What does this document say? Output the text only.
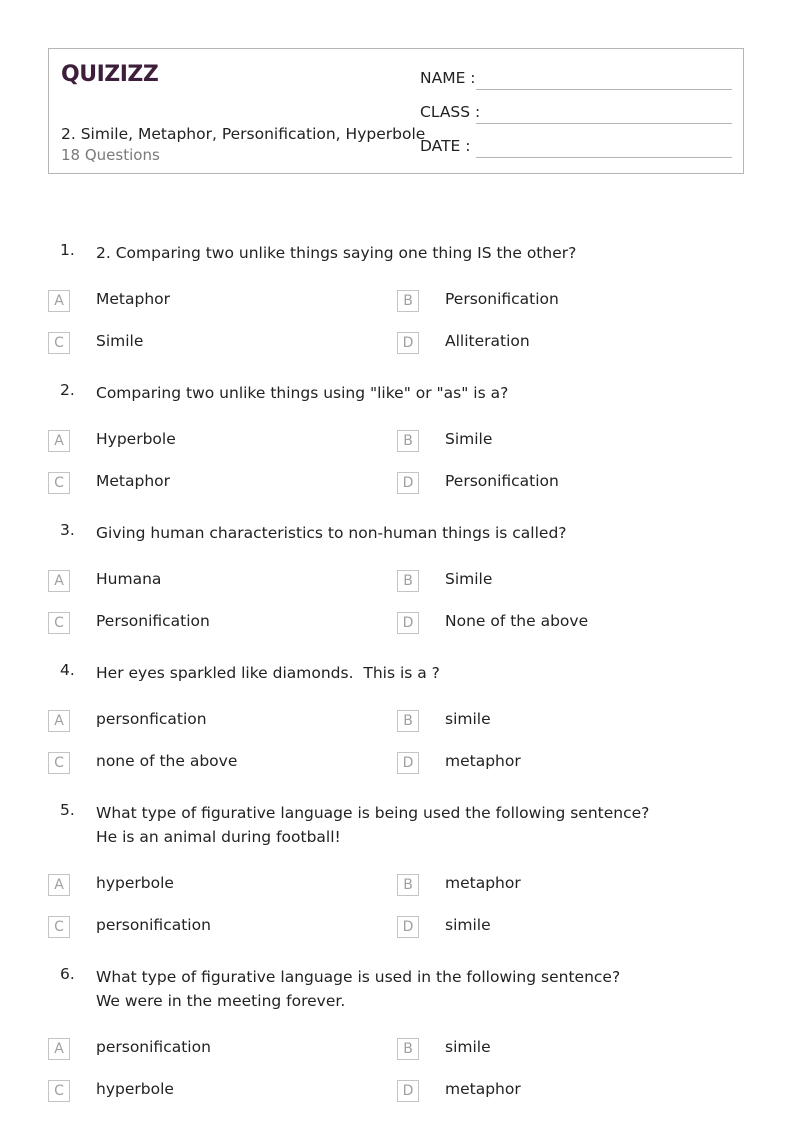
QUIZIZZ
2. Simile, Metaphor, Personification, Hyperbole
18 Questions
NAME :
CLASS :
DATE :
1. 2. Comparing two unlike things saying one thing IS the other?
A	Metaphor	B	Personification
C	Simile	D	Alliteration
2. Comparing two unlike things using "like" or "as" is a?
A	Hyperbole	B	Simile
C	Metaphor	D	Personification
3. Giving human characteristics to non-human things is called?
A	Humana	B	Simile
C	Personification	D	None of the above
4. Her eyes sparkled like diamonds.  This is a ?
A	personfication	B	simile
C	none of the above	D	metaphor
5. What type of figurative language is being used the following sentence?
He is an animal during football!
A	hyperbole	B	metaphor
C	personification	D	simile
6. What type of figurative language is used in the following sentence?
We were in the meeting forever.
A	personification	B	simile
C	hyperbole	D	metaphor
